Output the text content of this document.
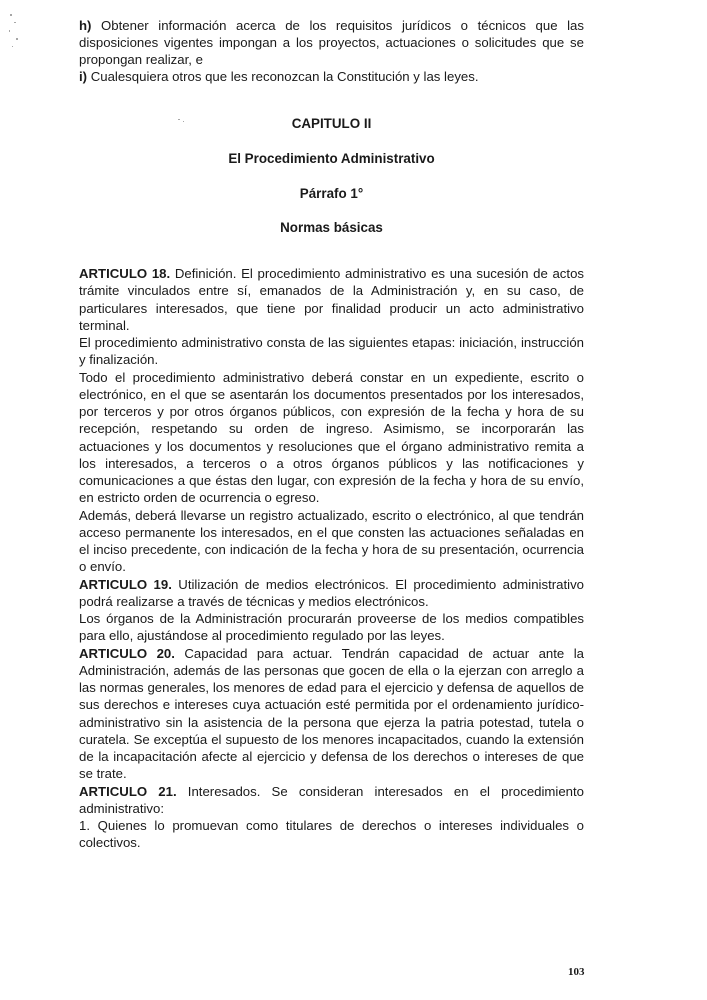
h) Obtener información acerca de los requisitos jurídicos o técnicos que las disposiciones vigentes impongan a los proyectos, actuaciones o solicitudes que se propongan realizar, e

i) Cualesquiera otros que les reconozcan la Constitución y las leyes.

CAPITULO II
El Procedimiento Administrativo
Párrafo 1°
Normas básicas

ARTICULO 18. Definición. El procedimiento administrativo es una sucesión de actos trámite vinculados entre sí, emanados de la Administración y, en su caso, de particulares interesados, que tiene por finalidad producir un acto administrativo terminal.

El procedimiento administrativo consta de las siguientes etapas: iniciación, instrucción y finalización.

Todo el procedimiento administrativo deberá constar en un expediente, escrito o electrónico, en el que se asentarán los documentos presentados por los interesados, por terceros y por otros órganos públicos, con expresión de la fecha y hora de su recepción, respetando su orden de ingreso. Asimismo, se incorporarán las actuaciones y los documentos y resoluciones que el órgano administrativo remita a los interesados, a terceros o a otros órganos públicos y las notificaciones y comunicaciones a que éstas den lugar, con expresión de la fecha y hora de su envío, en estricto orden de ocurrencia o egreso.

Además, deberá llevarse un registro actualizado, escrito o electrónico, al que tendrán acceso permanente los interesados, en el que consten las actuaciones señaladas en el inciso precedente, con indicación de la fecha y hora de su presentación, ocurrencia o envío.

ARTICULO 19. Utilización de medios electrónicos. El procedimiento administrativo podrá realizarse a través de técnicas y medios electrónicos.

Los órganos de la Administración procurarán proveerse de los medios compatibles para ello, ajustándose al procedimiento regulado por las leyes.

ARTICULO 20. Capacidad para actuar. Tendrán capacidad de actuar ante la Administración, además de las personas que gocen de ella o la ejerzan con arreglo a las normas generales, los menores de edad para el ejercicio y defensa de aquellos de sus derechos e intereses cuya actuación esté permitida por el ordenamiento jurídico-administrativo sin la asistencia de la persona que ejerza la patria potestad, tutela o curatela. Se exceptúa el supuesto de los menores incapacitados, cuando la extensión de la incapacitación afecte al ejercicio y defensa de los derechos o intereses de que se trate.

ARTICULO 21. Interesados. Se consideran interesados en el procedimiento administrativo:

1. Quienes lo promuevan como titulares de derechos o intereses individuales o colectivos.

103
